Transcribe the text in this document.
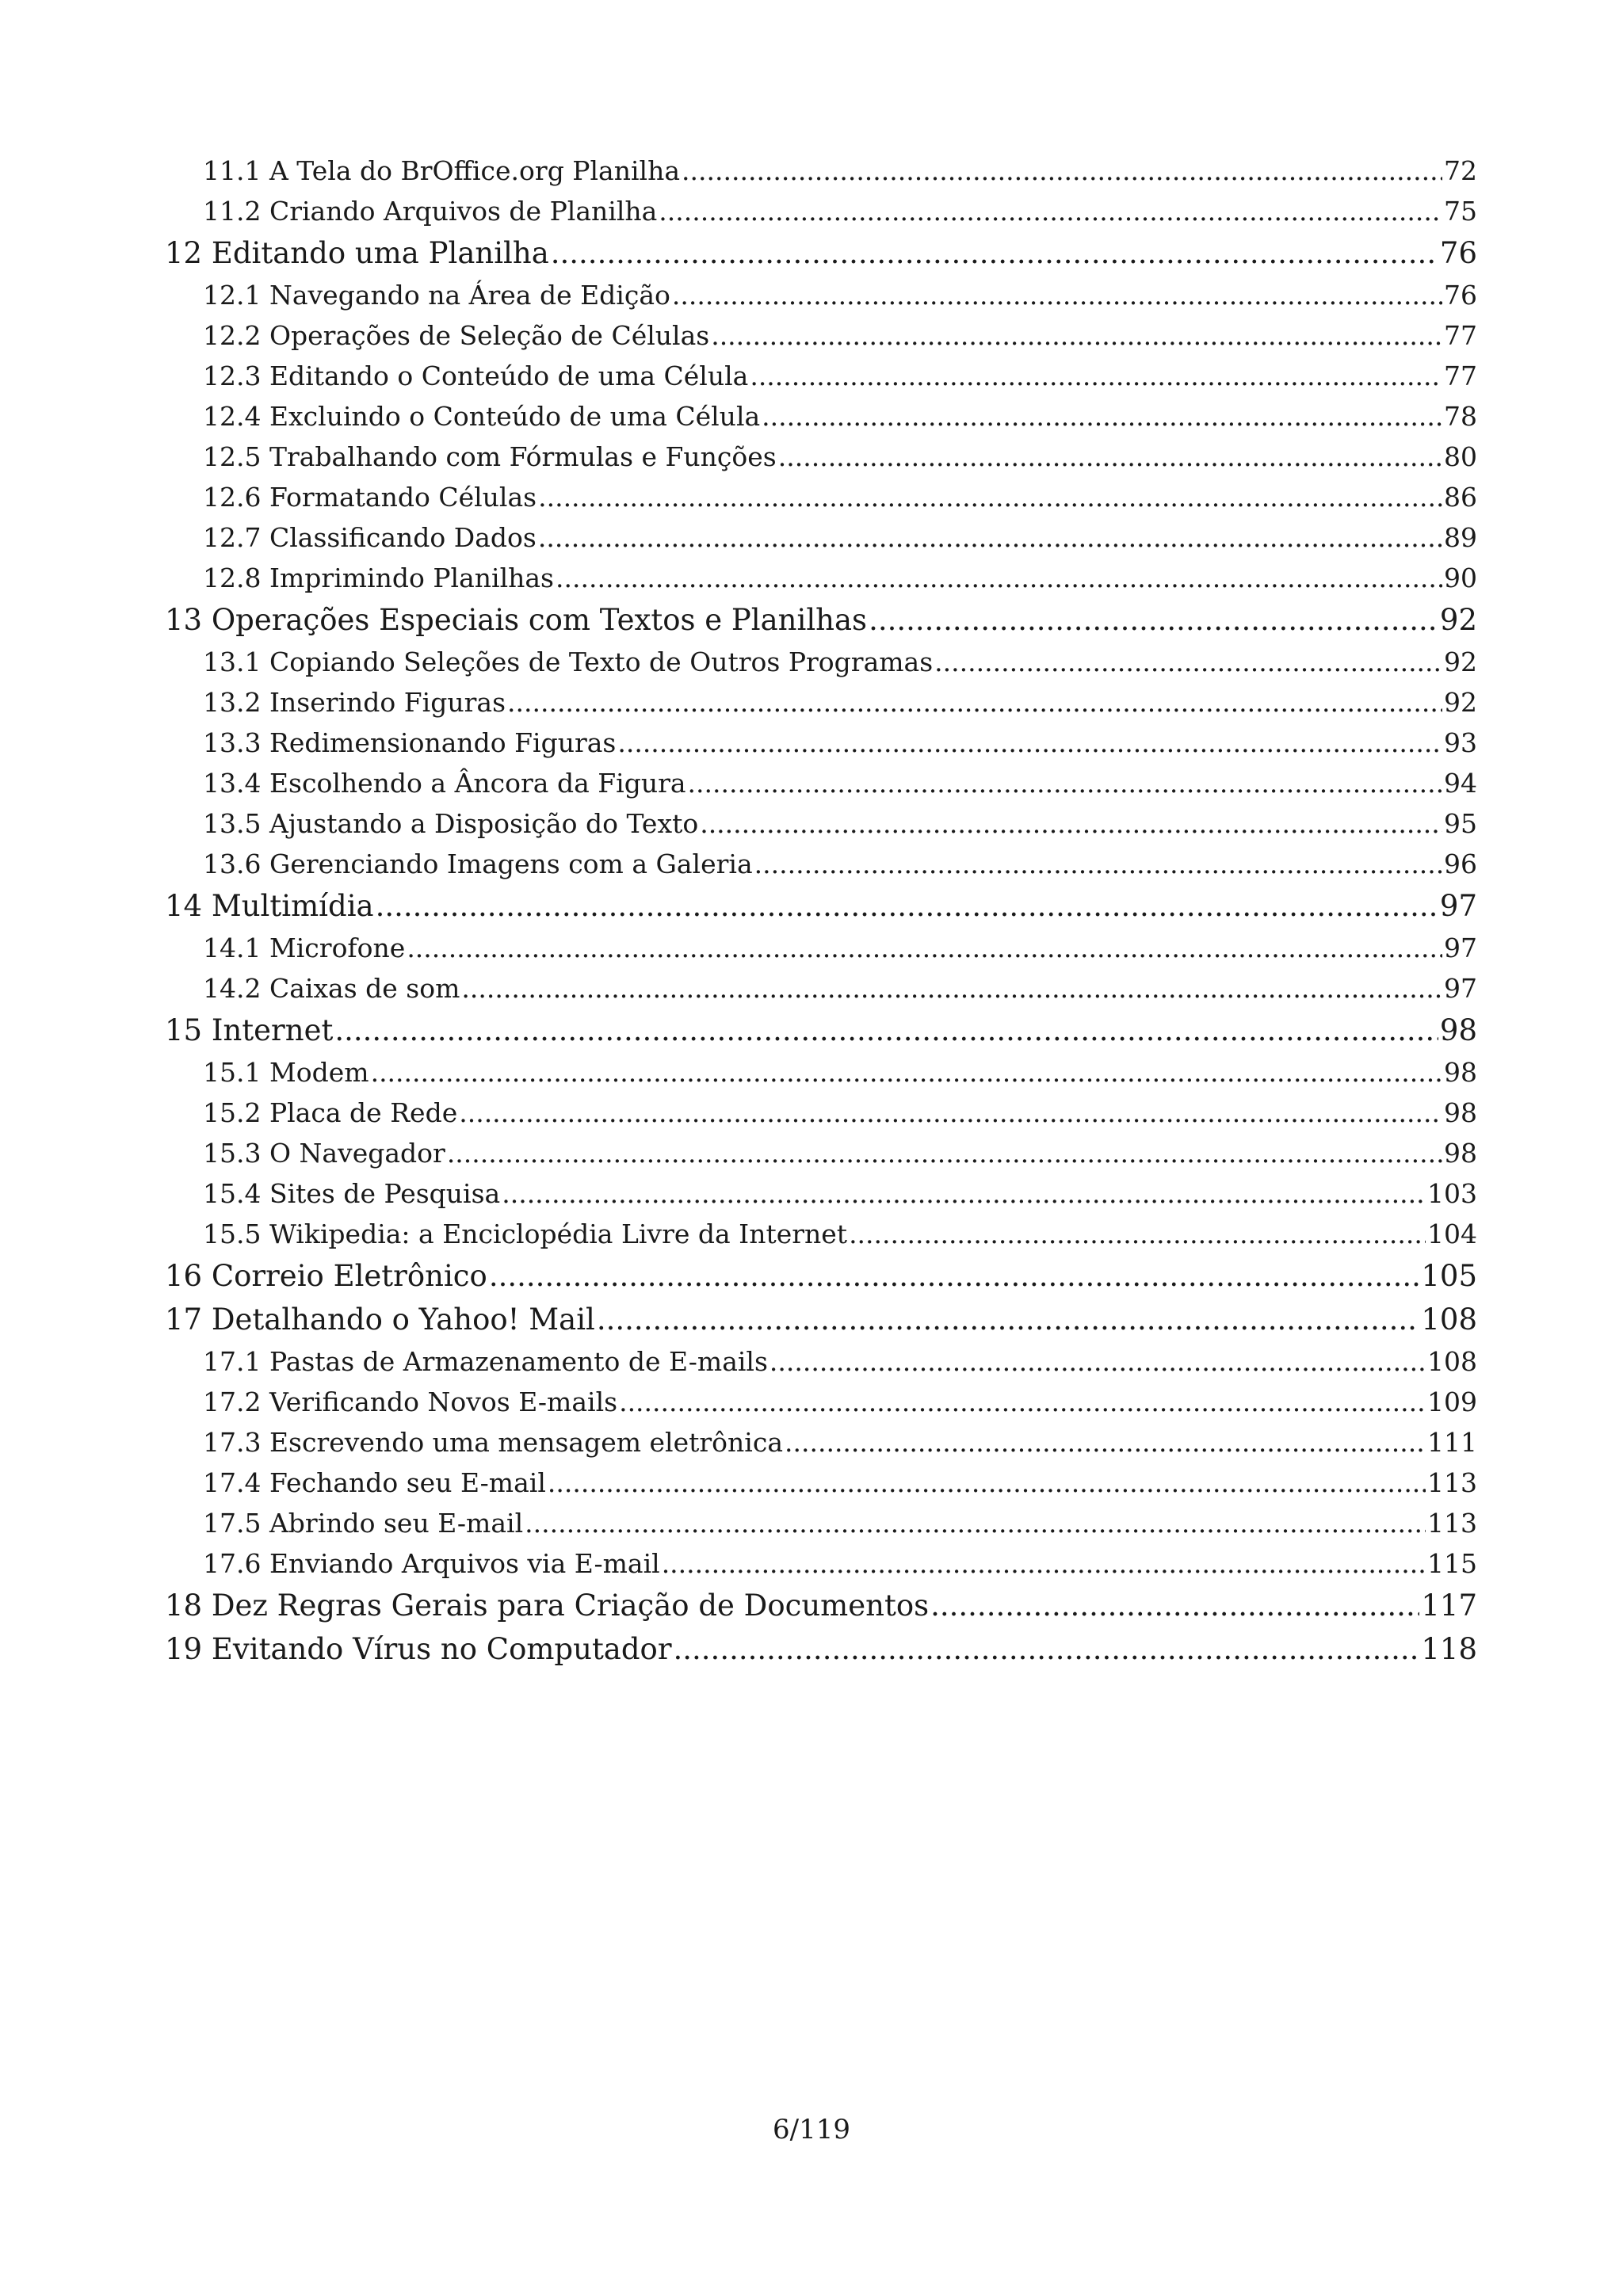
11.1 A Tela do BrOffice.org Planilha .....	72
11.2 Criando Arquivos de Planilha .....	75
12 Editando uma Planilha .....	76
12.1 Navegando na Área de Edição .....	76
12.2 Operações de Seleção de Células .....	77
12.3 Editando o Conteúdo de uma Célula .....	77
12.4 Excluindo o Conteúdo de uma Célula .....	78
12.5 Trabalhando com Fórmulas e Funções .....	80
12.6 Formatando Células .....	86
12.7 Classificando Dados .....	89
12.8 Imprimindo Planilhas .....	90
13 Operações Especiais com Textos e Planilhas .....	92
13.1 Copiando Seleções de Texto de Outros Programas .....	92
13.2 Inserindo Figuras .....	92
13.3 Redimensionando Figuras .....	93
13.4 Escolhendo a Âncora da Figura .....	94
13.5 Ajustando a Disposição do Texto .....	95
13.6 Gerenciando Imagens com a Galeria .....	96
14 Multimídia .....	97
14.1 Microfone .....	97
14.2 Caixas de som .....	97
15 Internet .....	98
15.1 Modem .....	98
15.2 Placa de Rede .....	98
15.3 O Navegador .....	98
15.4 Sites de Pesquisa .....	103
15.5 Wikipedia: a Enciclopédia Livre da Internet .....	104
16 Correio Eletrônico .....	105
17 Detalhando o Yahoo! Mail .....	108
17.1 Pastas de Armazenamento de E-mails .....	108
17.2 Verificando Novos E-mails .....	109
17.3 Escrevendo uma mensagem eletrônica .....	111
17.4 Fechando seu E-mail .....	113
17.5 Abrindo seu E-mail .....	113
17.6 Enviando Arquivos via E-mail .....	115
18 Dez Regras Gerais para Criação de Documentos .....	117
19 Evitando Vírus no Computador .....	118
6/119
